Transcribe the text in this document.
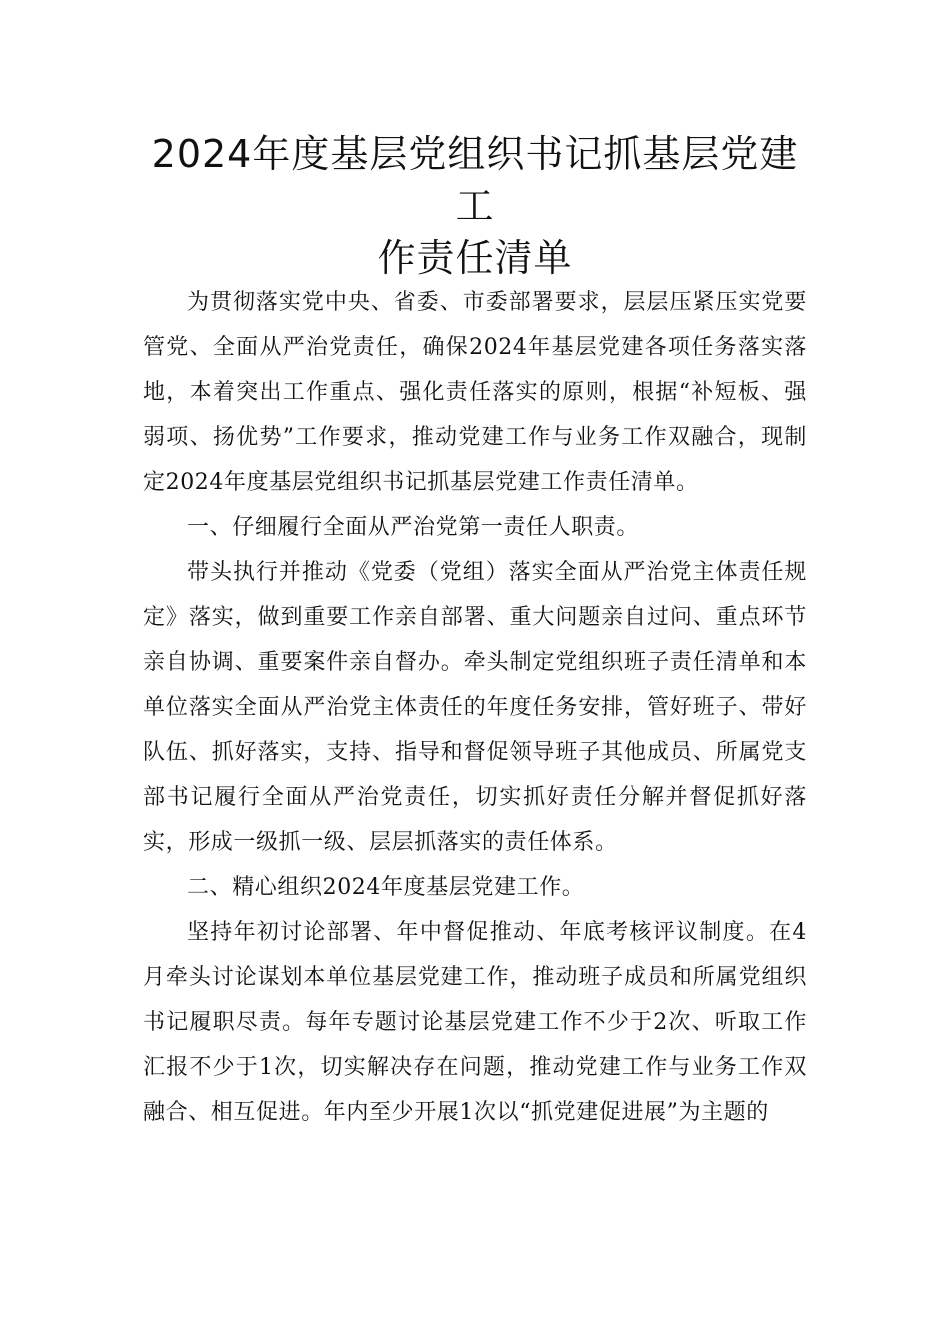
2024年度基层党组织书记抓基层党建工
作责任清单

为贯彻落实党中央、省委、市委部署要求，层层压紧压实党要管党、全面从严治党责任，确保2024年基层党建各项任务落实落地，本着突出工作重点、强化责任落实的原则，根据“补短板、强弱项、扬优势”工作要求，推动党建工作与业务工作双融合，现制定2024年度基层党组织书记抓基层党建工作责任清单。

一、仔细履行全面从严治党第一责任人职责。

带头执行并推动《党委（党组）落实全面从严治党主体责任规定》落实，做到重要工作亲自部署、重大问题亲自过问、重点环节亲自协调、重要案件亲自督办。牵头制定党组织班子责任清单和本单位落实全面从严治党主体责任的年度任务安排，管好班子、带好队伍、抓好落实，支持、指导和督促领导班子其他成员、所属党支部书记履行全面从严治党责任，切实抓好责任分解并督促抓好落实，形成一级抓一级、层层抓落实的责任体系。

二、精心组织2024年度基层党建工作。

坚持年初讨论部署、年中督促推动、年底考核评议制度。在4月牵头讨论谋划本单位基层党建工作，推动班子成员和所属党组织书记履职尽责。每年专题讨论基层党建工作不少于2次、听取工作汇报不少于1次，切实解决存在问题，推动党建工作与业务工作双融合、相互促进。年内至少开展1次以“抓党建促进展”为主题的
